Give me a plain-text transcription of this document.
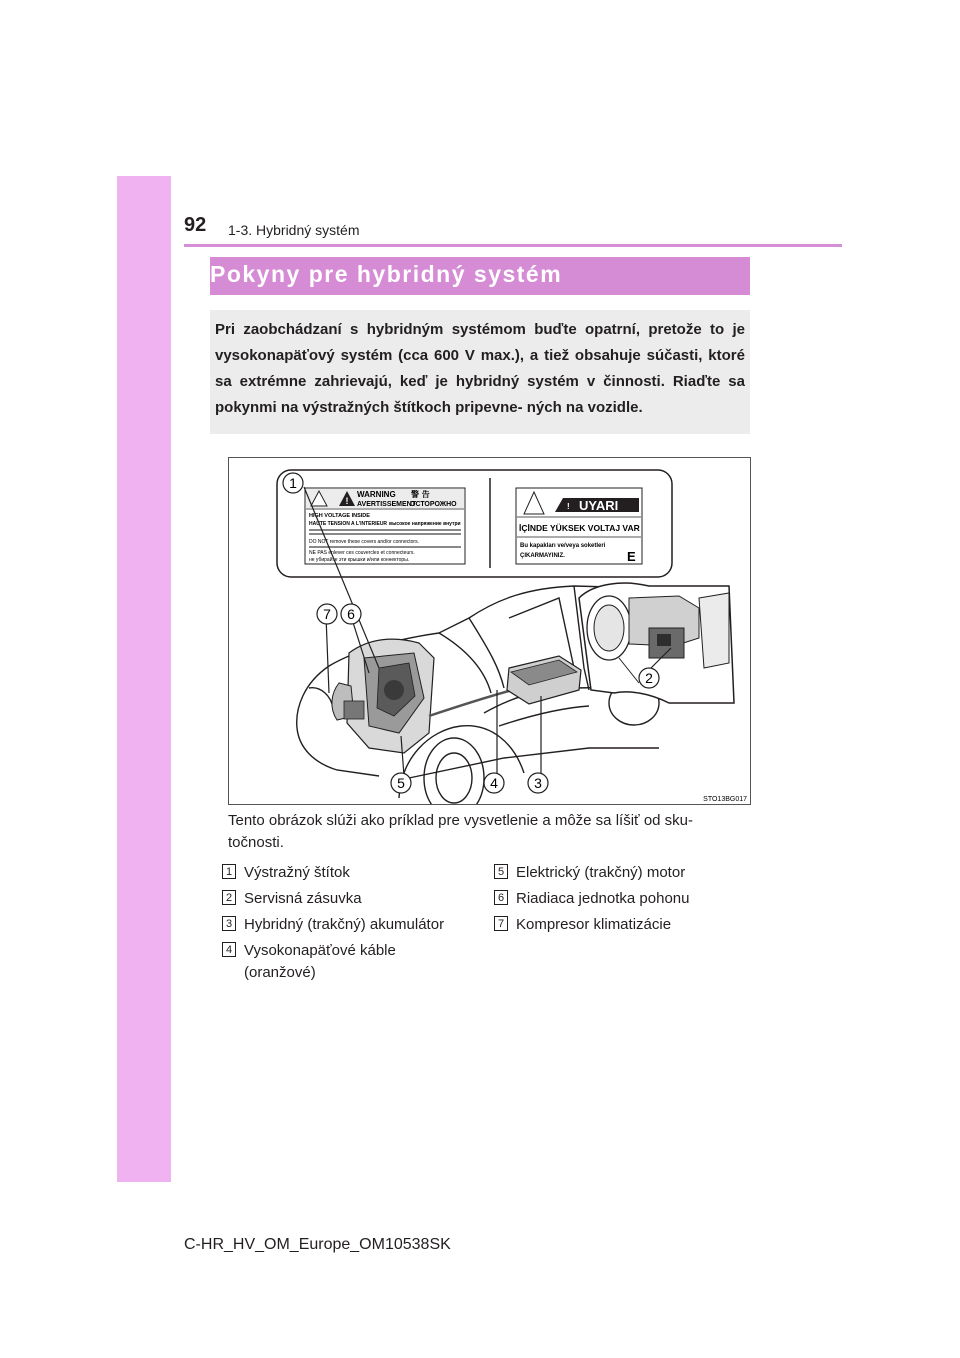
92 1-3. Hybridný systém
Pokyny pre hybridný systém

Pri zaobchádzaní s hybridným systémom buďte opatrní, pretože to je vysokonapäťový systém (cca 600 V max.), a tiež obsahuje súčasti, ktoré sa extrémne zahrievajú, keď je hybridný systém v činnosti. Riaďte sa pokynmi na výstražných štítkoch pripevne- ných na vozidle.

!
WARNING
AVERTISSEMENT
警 告
ОСТОРОЖНО
HIGH VOLTAGE INSIDE
HAUTE TENSION A L'INTERIEUR высокое напряжение внутри
DO NOT remove these covers and/or connectors.
NE PAS enlever ces couvercles et connecteurs.
не убирайте эти крышки и/или коннекторы.
! UYARI
İÇİNDE YÜKSEK VOLTAJ VAR
Bu kapakları ve/veya soketleri
ÇIKARMAYINIZ.	E
1
2
3
4
5
6
7
STO13BG017

Tento obrázok slúži ako príklad pre vysvetlenie a môže sa líšiť od sku- točnosti.

1 Výstražný štítok
2 Servisná zásuvka
3 Hybridný (trakčný) akumulátor
4 Vysokonapäťové káble
(oranžové)
5 Elektrický (trakčný) motor
6 Riadiaca jednotka pohonu
7 Kompresor klimatizácie
C-HR_HV_OM_Europe_OM10538SK
